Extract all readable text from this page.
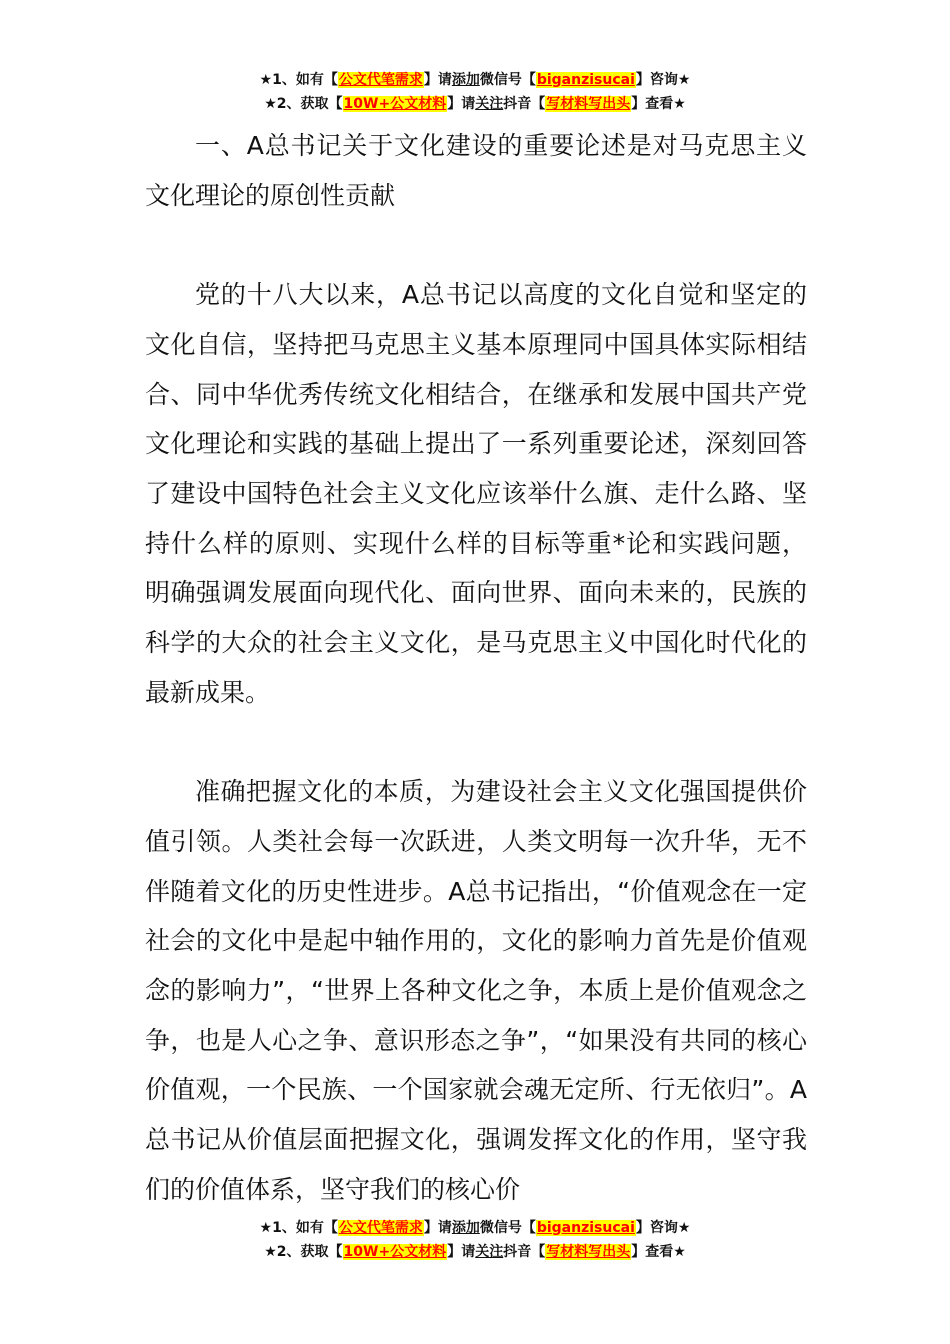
★1、如有【公文代笔需求】请添加微信号【biganzisucai】咨询★
★2、获取【10W+公文材料】请关注抖音【写材料写出头】查看★

一、A总书记关于文化建设的重要论述是对马克思主义文化理论的原创性贡献

党的十八大以来，A总书记以高度的文化自觉和坚定的文化自信，坚持把马克思主义基本原理同中国具体实际相结合、同中华优秀传统文化相结合，在继承和发展中国共产党文化理论和实践的基础上提出了一系列重要论述，深刻回答了建设中国特色社会主义文化应该举什么旗、走什么路、坚持什么样的原则、实现什么样的目标等重*论和实践问题，明确强调发展面向现代化、面向世界、面向未来的，民族的科学的大众的社会主义文化，是马克思主义中国化时代化的最新成果。

准确把握文化的本质，为建设社会主义文化强国提供价值引领。人类社会每一次跃进，人类文明每一次升华，无不伴随着文化的历史性进步。A总书记指出，“价值观念在一定社会的文化中是起中轴作用的，文化的影响力首先是价值观念的影响力”，“世界上各种文化之争，本质上是价值观念之争，也是人心之争、意识形态之争”，“如果没有共同的核心价值观，一个民族、一个国家就会魂无定所、行无依归”。A总书记从价值层面把握文化，强调发挥文化的作用，坚守我们的价值体系，坚守我们的核心价

★1、如有【公文代笔需求】请添加微信号【biganzisucai】咨询★
★2、获取【10W+公文材料】请关注抖音【写材料写出头】查看★
